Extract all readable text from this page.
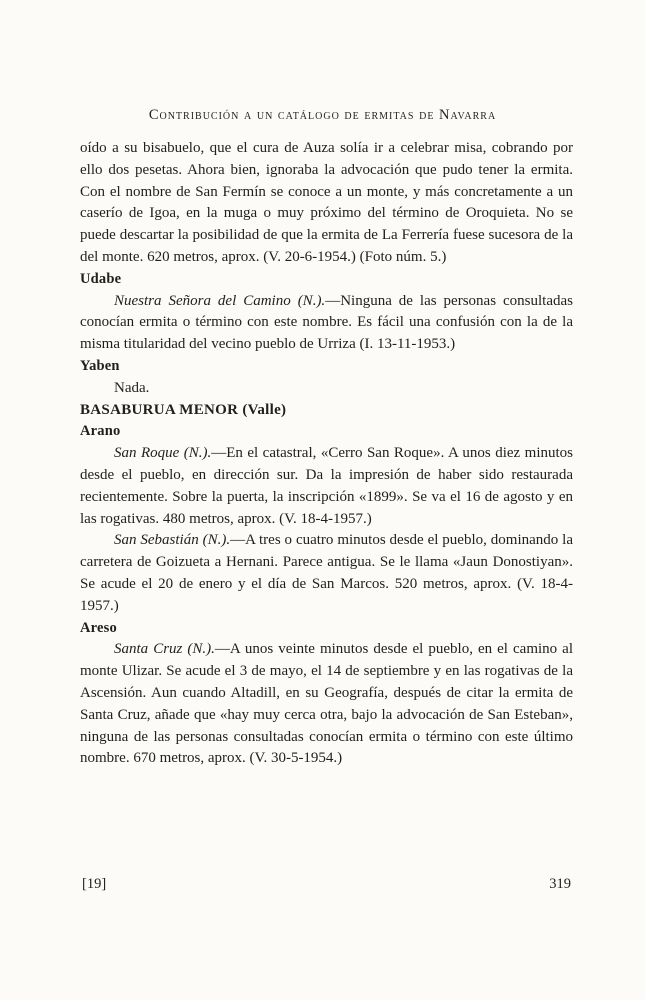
Contribución a un catálogo de ermitas de Navarra

oído a su bisabuelo, que el cura de Auza solía ir a celebrar misa, cobrando por ello dos pesetas. Ahora bien, ignoraba la advocación que pudo tener la ermita. Con el nombre de San Fermín se conoce a un monte, y más concretamente a un caserío de Igoa, en la muga o muy próximo del término de Oroquieta. No se puede descartar la posibilidad de que la ermita de La Ferrería fuese sucesora de la del monte. 620 metros, aprox. (V. 20-6-1954.) (Foto núm. 5.)

Udabe

Nuestra Señora del Camino (N.).—Ninguna de las personas consultadas conocían ermita o término con este nombre. Es fácil una confusión con la de la misma titularidad del vecino pueblo de Urriza (I. 13-11-1953.)

Yaben

Nada.

BASABURUA MENOR (Valle)
Arano

San Roque (N.).—En el catastral, «Cerro San Roque». A unos diez minutos desde el pueblo, en dirección sur. Da la impresión de haber sido restaurada recientemente. Sobre la puerta, la inscripción «1899». Se va el 16 de agosto y en las rogativas. 480 metros, aprox. (V. 18-4-1957.)

San Sebastián (N.).—A tres o cuatro minutos desde el pueblo, dominando la carretera de Goizueta a Hernani. Parece antigua. Se le llama «Jaun Donostiyan». Se acude el 20 de enero y el día de San Marcos. 520 metros, aprox. (V. 18-4-1957.)

Areso

Santa Cruz (N.).—A unos veinte minutos desde el pueblo, en el camino al monte Ulizar. Se acude el 3 de mayo, el 14 de septiembre y en las rogativas de la Ascensión. Aun cuando Altadill, en su Geografía, después de citar la ermita de Santa Cruz, añade que «hay muy cerca otra, bajo la advocación de San Esteban», ninguna de las personas consultadas conocían ermita o término con este último nombre. 670 metros, aprox. (V. 30-5-1954.)

[19]	319
